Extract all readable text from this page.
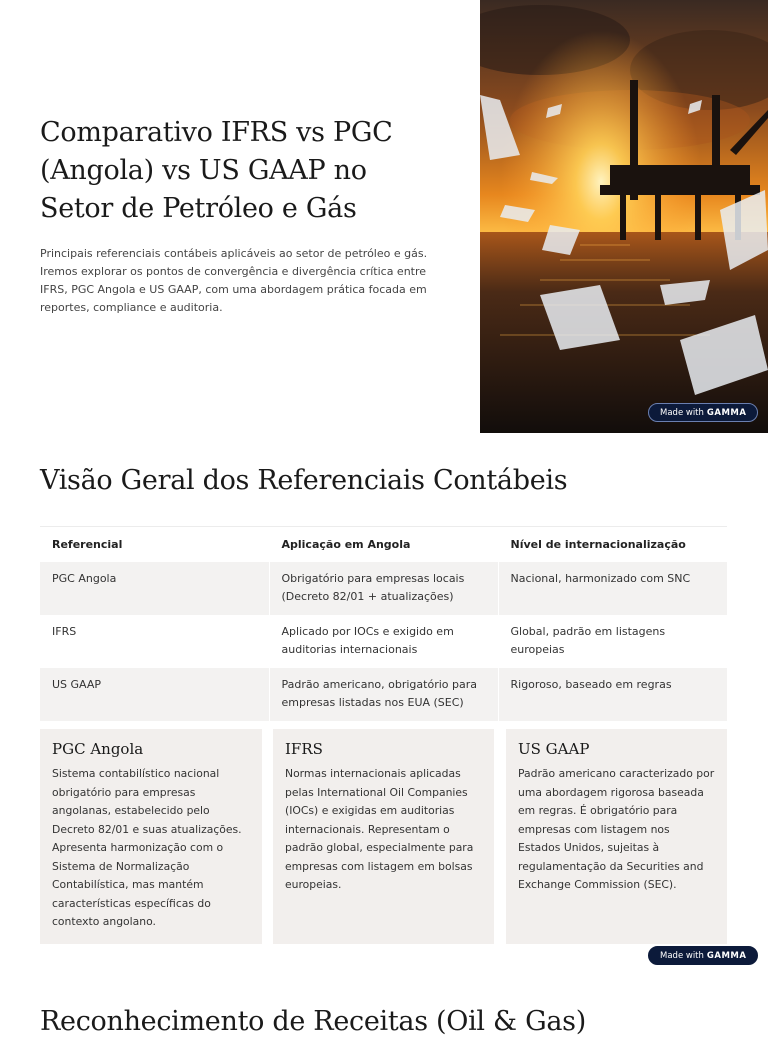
Comparativo IFRS vs PGC (Angola) vs US GAAP no Setor de Petróleo e Gás

Principais referenciais contábeis aplicáveis ao setor de petróleo e gás. Iremos explorar os pontos de convergência e divergência crítica entre IFRS, PGC Angola e US GAAP, com uma abordagem prática focada em reportes, compliance e auditoria.

Made with GAMMA
Visão Geral dos Referenciais Contábeis
Referencial	Aplicação em Angola	Nível de internacionalização
PGC Angola	Obrigatório para empresas locais (Decreto 82/01 + atualizações)	Nacional, harmonizado com SNC
IFRS	Aplicado por IOCs e exigido em auditorias internacionais	Global, padrão em listagens europeias
US GAAP	Padrão americano, obrigatório para empresas listadas nos EUA (SEC)	Rigoroso, baseado em regras
PGC Angola

Sistema contabilístico nacional obrigatório para empresas angolanas, estabelecido pelo Decreto 82/01 e suas atualizações. Apresenta harmonização com o Sistema de Normalização Contabilística, mas mantém características específicas do contexto angolano.

IFRS

Normas internacionais aplicadas pelas International Oil Companies (IOCs) e exigidas em auditorias internacionais. Representam o padrão global, especialmente para empresas com listagem em bolsas europeias.

US GAAP

Padrão americano caracterizado por uma abordagem rigorosa baseada em regras. É obrigatório para empresas com listagem nos Estados Unidos, sujeitas à regulamentação da Securities and Exchange Commission (SEC).

Made with GAMMA
Reconhecimento de Receitas (Oil & Gas)
